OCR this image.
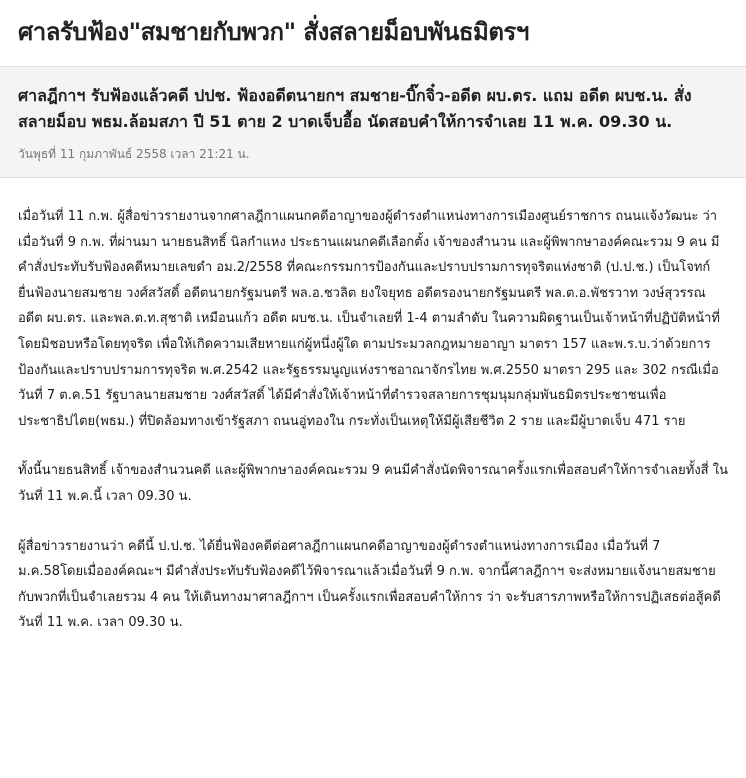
ศาลรับฟ้อง"สมชายกับพวก" สั่งสลายม็อบพันธมิตรฯ

ศาลฎีกาฯ รับฟ้องแล้วคดี ปปช. ฟ้องอดีตนายกฯ สมชาย-บิ๊กจิ๋ว-อดีต ผบ.ตร. แถม อดีต ผบช.น. สั่งสลายม็อบ พธม.ล้อมสภา ปี 51 ตาย 2 บาดเจ็บอื้อ นัดสอบคำให้การจำเลย 11 พ.ค. 09.30 น.

วันพุธที่ 11 กุมภาพันธ์ 2558 เวลา 21:21 น.

เมื่อวันที่ 11 ก.พ. ผู้สื่อข่าวรายงานจากศาลฎีกาแผนกคดีอาญาของผู้ดำรงตำแหน่งทางการเมืองศูนย์ราชการ ถนนแจ้งวัฒนะ ว่า เมื่อวันที่ 9 ก.พ. ที่ผ่านมา นายธนสิทธิ์ นิลกำแหง ประธานแผนกคดีเลือกตั้ง เจ้าของสำนวน และผู้พิพากษาองค์คณะรวม 9 คน มีคำสั่งประทับรับฟ้องคดีหมายเลขดำ อม.2/2558 ที่คณะกรรมการป้องกันและปราบปรามการทุจริตแห่งชาติ (ป.ป.ช.) เป็นโจทก์ ยื่นฟ้องนายสมชาย วงศ์สวัสดิ์ อดีตนายกรัฐมนตรี พล.อ.ชวลิต ยงใจยุทธ อดีตรองนายกรัฐมนตรี พล.ต.อ.พัชรวาท วงษ์สุวรรณ อดีต ผบ.ตร. และพล.ต.ท.สุชาติ เหมือนแก้ว อดีต ผบช.น. เป็นจำเลยที่ 1-4 ตามลำดับ ในความผิดฐานเป็นเจ้าหน้าที่ปฏิบัติหน้าที่โดยมิชอบหรือโดยทุจริต เพื่อให้เกิดความเสียหายแก่ผู้หนึ่งผู้ใด ตามประมวลกฎหมายอาญา มาตรา 157 และพ.ร.บ.ว่าด้วยการป้องกันและปราบปรามการทุจริต พ.ศ.2542 และรัฐธรรมนูญแห่งราชอาณาจักรไทย พ.ศ.2550 มาตรา 295 และ 302 กรณีเมื่อวันที่ 7 ต.ค.51 รัฐบาลนายสมชาย วงศ์สวัสดิ์ ได้มีคำสั่งให้เจ้าหน้าที่ตำรวจสลายการชุมนุมกลุ่มพันธมิตรประชาชนเพื่อประชาธิปไตย(พธม.) ที่ปิดล้อมทางเข้ารัฐสภา ถนนอู่ทองใน กระทั่งเป็นเหตุให้มีผู้เสียชีวิต 2 ราย และมีผู้บาดเจ็บ 471 ราย

ทั้งนี้นายธนสิทธิ์ เจ้าของสำนวนคดี และผู้พิพากษาองค์คณะรวม 9 คนมีคำสั่งนัดพิจารณาครั้งแรกเพื่อสอบคำให้การจำเลยทั้งสี่ ในวันที่ 11 พ.ค.นี้ เวลา 09.30 น.

ผู้สื่อข่าวรายงานว่า คดีนี้ ป.ป.ช. ได้ยื่นฟ้องคดีต่อศาลฎีกาแผนกคดีอาญาของผู้ดำรงตำแหน่งทางการเมือง เมื่อวันที่ 7 ม.ค.58โดยเมื่อองค์คณะฯ มีคำสั่งประทับรับฟ้องคดีไว้พิจารณาแล้วเมื่อวันที่ 9 ก.พ. จากนี้ศาลฎีกาฯ จะส่งหมายแจ้งนายสมชาย กับพวกที่เป็นจำเลยรวม 4 คน ให้เดินทางมาศาลฎีกาฯ เป็นครั้งแรกเพื่อสอบคำให้การ ว่า จะรับสารภาพหรือให้การปฏิเสธต่อสู้คดี วันที่ 11 พ.ค. เวลา 09.30 น.
